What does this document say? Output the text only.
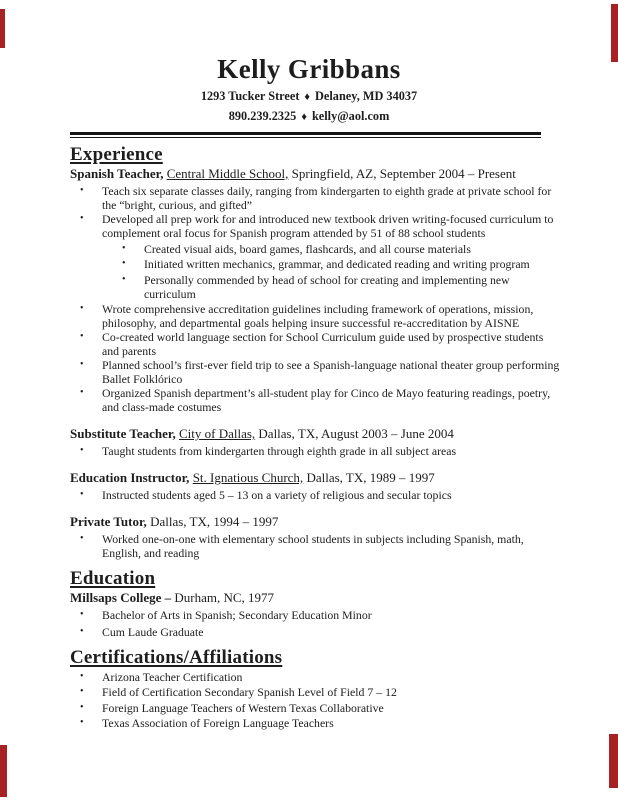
Kelly Gribbans
1293 Tucker Street ♦ Delaney, MD 34037
890.239.2325 ♦ kelly@aol.com
Experience

Spanish Teacher, Central Middle School, Springfield, AZ, September 2004 – Present

•	Teach six separate classes daily, ranging from kindergarten to eighth grade at private school for the “bright, curious, and gifted”
•	Developed all prep work for and introduced new textbook driven writing-focused curriculum to complement oral focus for Spanish program attended by 51 of 88 school students
•	Created visual aids, board games, flashcards, and all course materials
•	Initiated written mechanics, grammar, and dedicated reading and writing program
•	Personally commended by head of school for creating and implementing new curriculum
•	Wrote comprehensive accreditation guidelines including framework of operations, mission, philosophy, and departmental goals helping insure successful re-accreditation by AISNE
•	Co-created world language section for School Curriculum guide used by prospective students and parents
•	Planned school’s first-ever field trip to see a Spanish-language national theater group performing Ballet Folklórico
•	Organized Spanish department’s all-student play for Cinco de Mayo featuring readings, poetry, and class-made costumes

Substitute Teacher, City of Dallas, Dallas, TX, August 2003 – June 2004

•	Taught students from kindergarten through eighth grade in all subject areas

Education Instructor, St. Ignatious Church, Dallas, TX, 1989 – 1997

•	Instructed students aged 5 – 13 on a variety of religious and secular topics

Private Tutor, Dallas, TX, 1994 – 1997

•	Worked one-on-one with elementary school students in subjects including Spanish, math, English, and reading
Education

Millsaps College – Durham, NC, 1977

•	Bachelor of Arts in Spanish; Secondary Education Minor
•	Cum Laude Graduate
Certifications/Affiliations
•	Arizona Teacher Certification
•	Field of Certification Secondary Spanish Level of Field 7 – 12
•	Foreign Language Teachers of Western Texas Collaborative
•	Texas Association of Foreign Language Teachers
